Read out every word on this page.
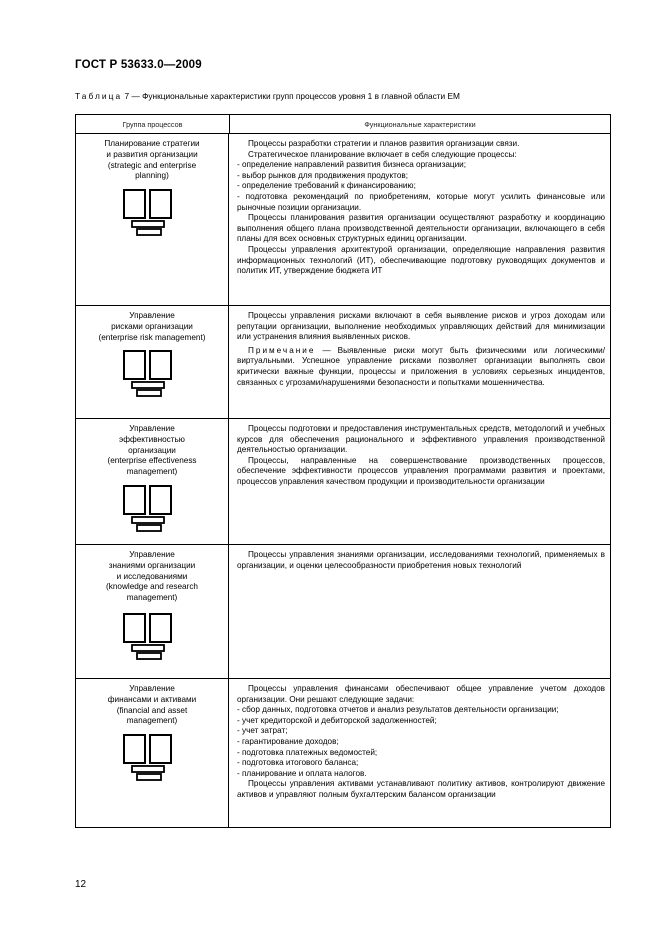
ГОСТ Р 53633.0—2009
Таблица 7 — Функциональные характеристики групп процессов уровня 1 в главной области ЕМ
Группа процессов	Функциональные характеристики
Планирование стратегии
и развития организации
(strategic and enterprise
planning)

Процессы разработки стратегии и планов развития организации связи.

Стратегическое планирование включает в себя следующие процессы:

- определение направлений развития бизнеса организации;

- выбор рынков для продвижения продуктов;

- определение требований к финансированию;

- подготовка рекомендаций по приобретениям, которые могут усилить финансовые или рыночные позиции организации.

Процессы планирования развития организации осуществляют разработку и координацию выполнения общего плана производственной деятельности организации, включающего в себя планы для всех основных структурных единиц организации.

Процессы управления архитектурой организации, определяющие направления развития информационных технологий (ИТ), обеспечивающие подготовку руководящих документов и политик ИТ, утверждение бюджета ИТ

Управление
рисками организации
(enterprise risk management)

Процессы управления рисками включают в себя выявление рисков и угроз доходам или репутации организации, выполнение необходимых управляющих действий для минимизации или устранения влияния выявленных рисков.

Примечание — Выявленные риски могут быть физическими или логическими/виртуальными. Успешное управление рисками позволяет организации выполнять свои критически важные функции, процессы и приложения в условиях серьезных инцидентов, связанных с угрозами/нарушениями безопасности и попытками мошенничества.

Управление
эффективностью
организации
(enterprise effectiveness
management)

Процессы подготовки и предоставления инструментальных средств, методологий и учебных курсов для обеспечения рационального и эффективного управления производственной деятельностью организации.

Процессы, направленные на совершенствование производственных процессов, обеспечение эффективности процессов управления программами развития и проектами, процессов управления качеством продукции и производительности организации

Управление
знаниями организации
и исследованиями
(knowledge and research
management)

Процессы управления знаниями организации, исследованиями технологий, применяемых в организации, и оценки целесообразности приобретения новых технологий

Управление
финансами и активами
(financial and asset
management)

Процессы управления финансами обеспечивают общее управление учетом доходов организации. Они решают следующие задачи:

- сбор данных, подготовка отчетов и анализ результатов деятельности организации;

- учет кредиторской и дебиторской задолженностей;

- учет затрат;

- гарантирование доходов;

- подготовка платежных ведомостей;

- подготовка итогового баланса;

- планирование и оплата налогов.

Процессы управления активами устанавливают политику активов, контролируют движение активов и управляют полным бухгалтерским балансом организации

12
